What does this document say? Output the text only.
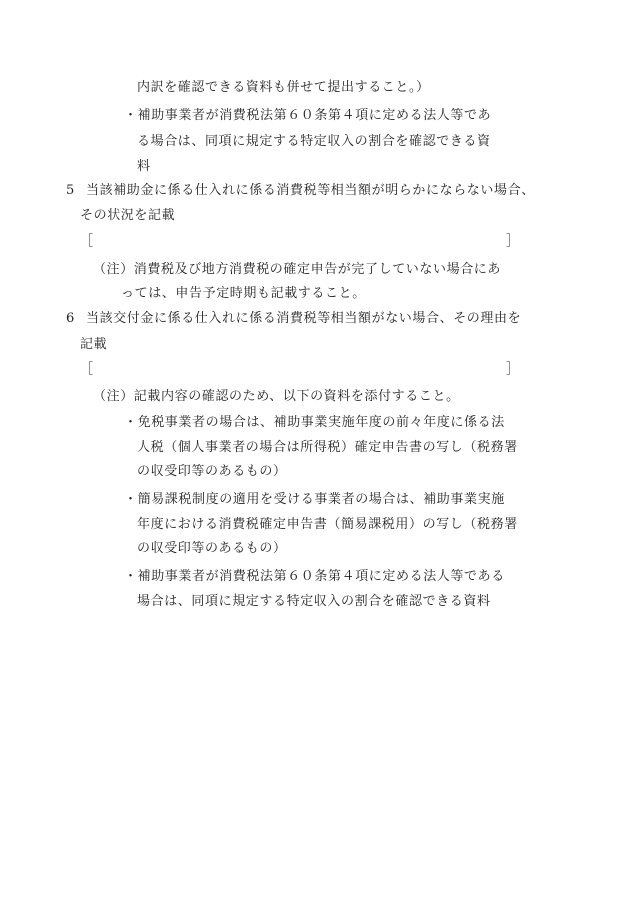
内訳を確認できる資料も併せて提出すること。）
・補助事業者が消費税法第６０条第４項に定める法人等であ
る場合は、同項に規定する特定収入の割合を確認できる資
料
5 当該補助金に係る仕入れに係る消費税等相当額が明らかにならない場合、
その状況を記載
［	］
（注）消費税及び地方消費税の確定申告が完了していない場合にあ
っては、申告予定時期も記載すること。
6 当該交付金に係る仕入れに係る消費税等相当額がない場合、その理由を
記載
［	］
（注）記載内容の確認のため、以下の資料を添付すること。
・免税事業者の場合は、補助事業実施年度の前々年度に係る法
人税（個人事業者の場合は所得税）確定申告書の写し（税務署
の収受印等のあるもの）
・簡易課税制度の適用を受ける事業者の場合は、補助事業実施
年度における消費税確定申告書（簡易課税用）の写し（税務署
の収受印等のあるもの）
・補助事業者が消費税法第６０条第４項に定める法人等である
場合は、同項に規定する特定収入の割合を確認できる資料
